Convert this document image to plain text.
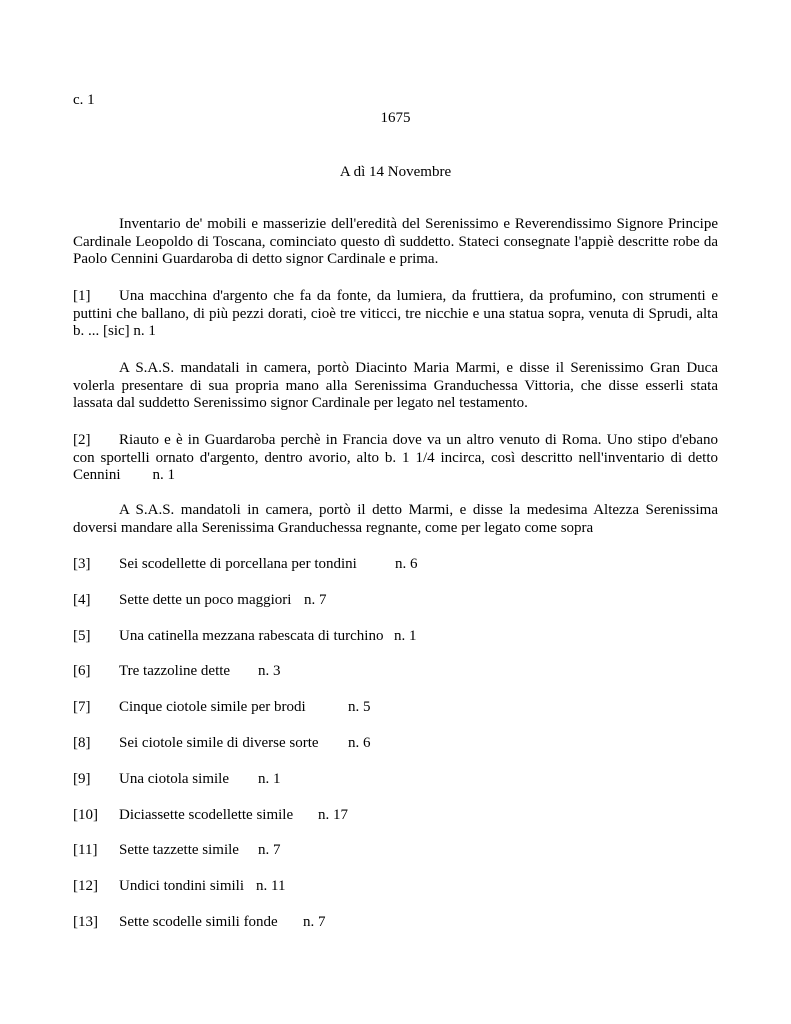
c. 1
1675
A dì 14 Novembre

Inventario de' mobili e masserizie dell'eredità del Serenissimo e Reverendissimo Signore Principe Cardinale Leopoldo di Toscana, cominciato questo dì suddetto. Stateci consegnate l'appiè descritte robe da Paolo Cennini Guardaroba di detto signor Cardinale e prima.

[1] Una macchina d'argento che fa da fonte, da lumiera, da fruttiera, da profumino, con strumenti e puttini che ballano, di più pezzi dorati, cioè tre viticci, tre nicchie e una statua sopra, venuta di Sprudi, alta b. ... [sic] n. 1

A S.A.S. mandatali in camera, portò Diacinto Maria Marmi, e disse il Serenissimo Gran Duca volerla presentare di sua propria mano alla Serenissima Granduchessa Vittoria, che disse esserli stata lassata dal suddetto Serenissimo signor Cardinale per legato nel testamento.

[2] Riauto e è in Guardaroba perchè in Francia dove va un altro venuto di Roma. Uno stipo d'ebano con sportelli ornato d'argento, dentro avorio, alto b. 1 1/4 incirca, così descritto nell'inventario di detto Cennini n. 1

A S.A.S. mandatoli in camera, portò il detto Marmi, e disse la medesima Altezza Serenissima doversi mandare alla Serenissima Granduchessa regnante, come per legato come sopra

[3] Sei scodellette di porcellana per tondini	n. 6
[4] Sette dette un poco maggiori n. 7
[5] Una catinella mezzana rabescata di turchino n. 1
[6] Tre tazzoline dette n. 3
[7] Cinque ciotole simile per brodi	n. 5
[8] Sei ciotole simile di diverse sorte n. 6
[9] Una ciotola simile n. 1
[10] Diciassette scodellette simile n. 17
[11] Sette tazzette simile n. 7
[12] Undici tondini simili n. 11
[13] Sette scodelle simili fonde n. 7
